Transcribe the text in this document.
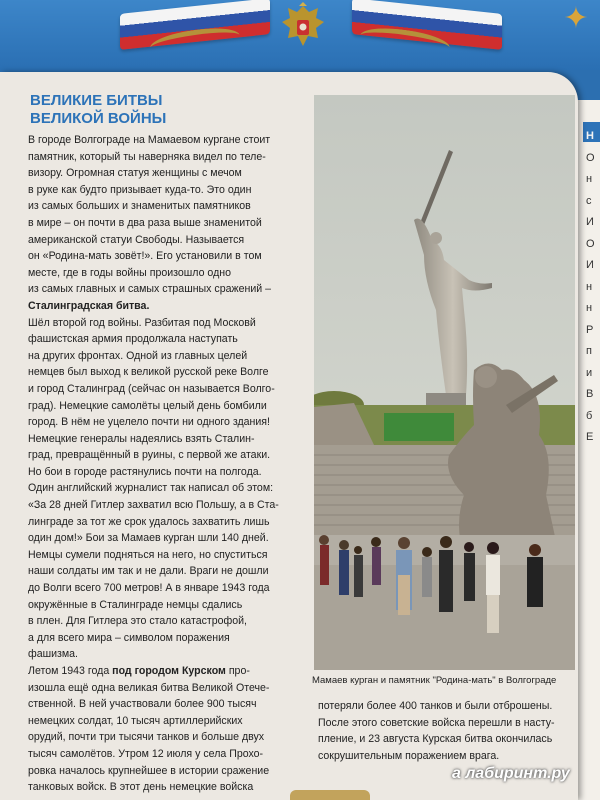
✦
Н
О
н
с
И
О
И
н
н
Р
п
и
В
б
Е
ВЕЛИКИЕ БИТВЫ
ВЕЛИКОЙ ВОЙНЫ
В городе Волгограде на Мамаевом кургане стоит
памятник, который ты наверняка видел по теле-
визору. Огромная статуя женщины с мечом
в руке как будто призывает куда-то. Это один
из самых больших и знаменитых памятников
в мире – он почти в два раза выше знаменитой
американской статуи Свободы. Называется
он «Родина-мать зовёт!». Его установили в том
месте, где в годы войны произошло одно
из самых главных и самых страшных сражений –
Сталинградская битва.
Шёл второй год войны. Разбитая под Московй
фашистская армия продолжала наступать
на других фронтах. Одной из главных целей
немцев был выход к великой русской реке Волге
и город Сталинград (сейчас он называется Волго-
град). Немецкие самолёты целый день бомбили
город. В нём не уцелело почти ни одного здания!
Немецкие генералы надеялись взять Сталин-
град, превращённый в руины, с первой же атаки.
Но бои в городе растянулись почти на полгода.
Один английский журналист так написал об этом:
«За 28 дней Гитлер захватил всю Польшу, а в Ста-
линграде за тот же срок удалось захватить лишь
один дом!» Бои за Мамаев курган шли 140 дней.
Немцы сумели подняться на него, но спуститься
наши солдаты им так и не дали. Враги не дошли
до Волги всего 700 метров! А в январе 1943 года
окружённые в Сталинграде немцы сдались
в плен. Для Гитлера это стало катастрофой,
а для всего мира – символом поражения
фашизма.
Летом 1943 года под городом Курском про-
изошла ещё одна великая битва Великой Отече-
ственной. В ней участвовали более 900 тысяч
немецких солдат, 10 тысяч артиллерийских
орудий, почти три тысячи танков и больше двух
тысяч самолётов. Утром 12 июля у села Прохо-
ровка началось крупнейшее в истории сражение
танковых войск. В этот день немецкие войска
Мамаев курган и памятник "Родина-мать" в Волгограде
потеряли более 400 танков и были отброшены.
После этого советские войска перешли в насту-
пление, и 23 августа Курская битва окончилась
сокрушительным поражением врага.
а лабиринт.ру
